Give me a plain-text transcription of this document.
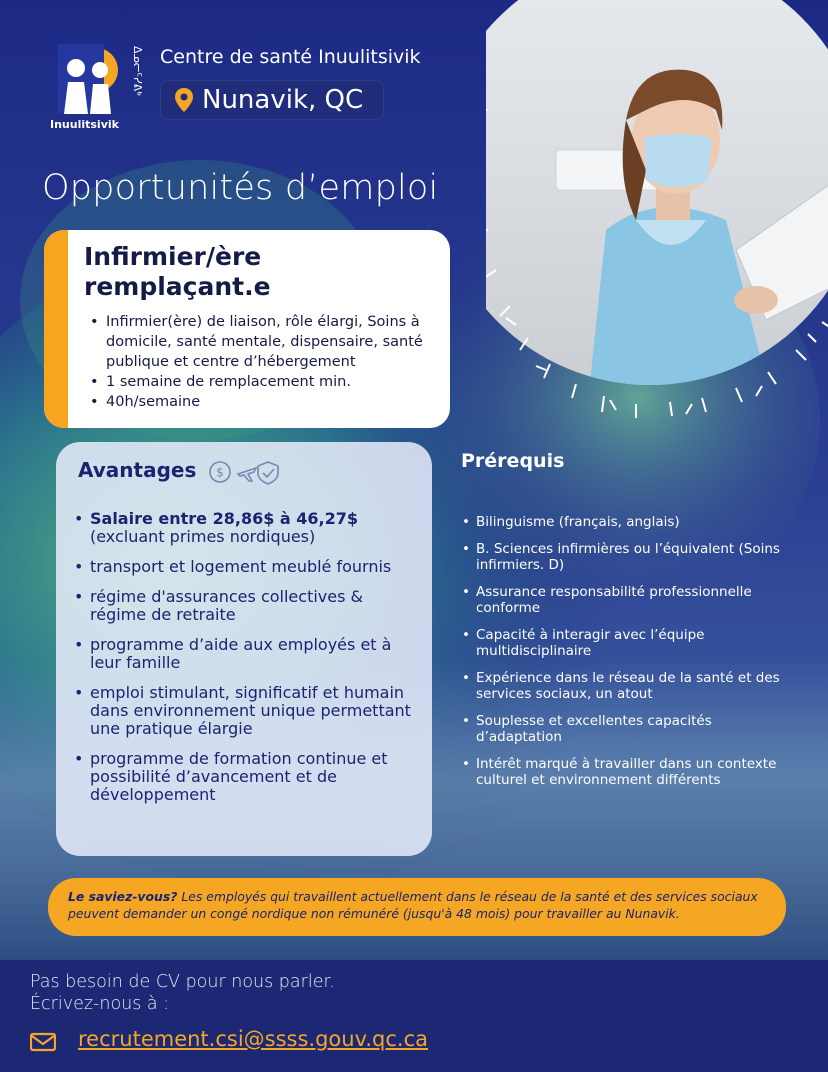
ᐃᓄᓕᑦᓯᕕᒃ
Inuulitsivik
Centre de santé Inuulitsivik
Nunavik, QC
Opportunités d’emploi
Infirmier/ère
remplaçant.e
• Infirmier(ère) de liaison, rôle élargi, Soins à domicile, santé mentale, dispensaire, santé publique et centre d’hébergement
• 1 semaine de remplacement min.
• 40h/semaine
Avantages $
• Salaire entre 28,86$ à 46,27$
(excluant primes nordiques)
• transport et logement meublé fournis
• régime d'assurances collectives & régime de retraite
• programme d’aide aux employés et à leur famille
• emploi stimulant, significatif et humain dans environnement unique permettant une pratique élargie
• programme de formation continue et possibilité d’avancement et de développement
Prérequis
• Bilinguisme (français, anglais)
• B. Sciences infirmières ou l’équivalent (Soins infirmiers. D)
• Assurance responsabilité professionnelle conforme
• Capacité à interagir avec l’équipe multidisciplinaire
• Expérience dans le réseau de la santé et des services sociaux, un atout
• Souplesse et excellentes capacités d’adaptation
• Intérêt marqué à travailler dans un contexte culturel et environnement différents
Le saviez-vous? Les employés qui travaillent actuellement dans le réseau de la santé et des services sociaux peuvent demander un congé nordique non rémunéré (jusqu'à 48 mois) pour travailler au Nunavik.
Pas besoin de CV pour nous parler.
Écrivez-nous à :
recrutement.csi@ssss.gouv.qc.ca
